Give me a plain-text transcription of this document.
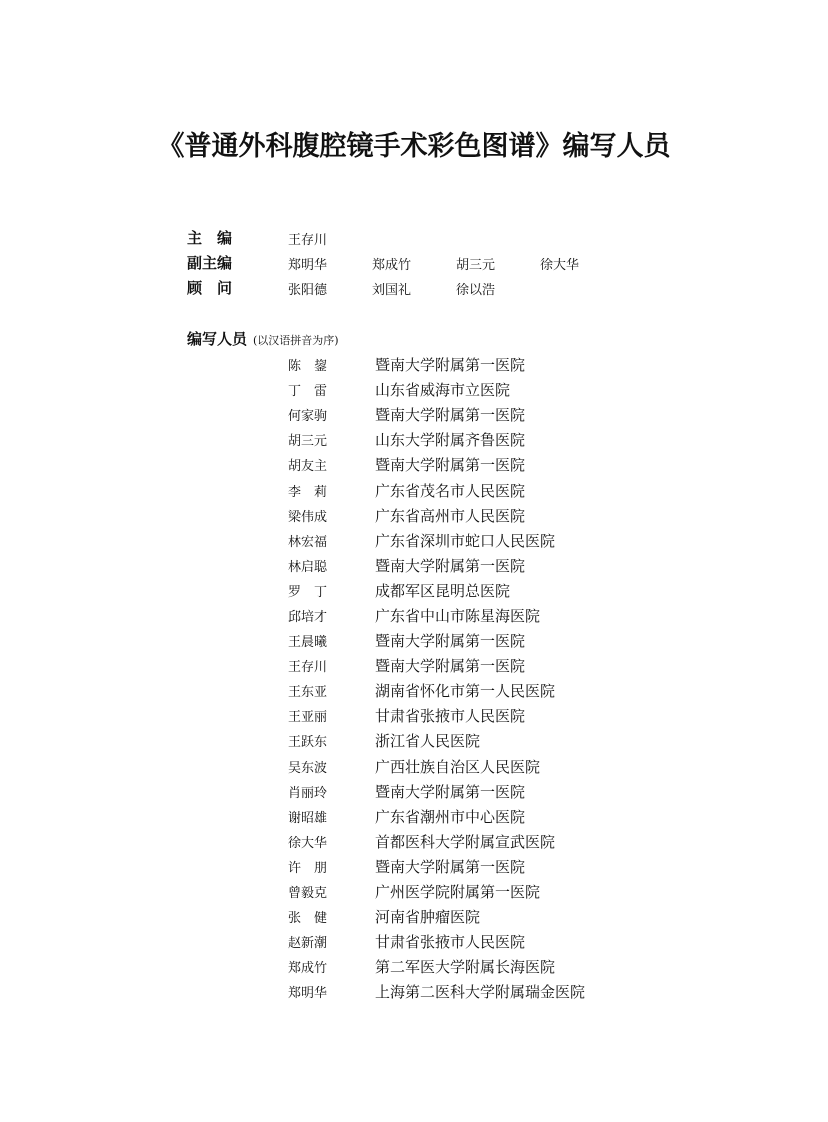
《普通外科腹腔镜手术彩色图谱》编写人员
主　编	王存川
副主编	郑明华	郑成竹	胡三元	徐大华
顾　问	张阳德	刘国礼	徐以浩
编写人员 (以汉语拼音为序)
陈　鋆	暨南大学附属第一医院
丁　雷	山东省威海市立医院
何家驹	暨南大学附属第一医院
胡三元	山东大学附属齐鲁医院
胡友主	暨南大学附属第一医院
李　莉	广东省茂名市人民医院
梁伟成	广东省高州市人民医院
林宏福	广东省深圳市蛇口人民医院
林启聪	暨南大学附属第一医院
罗　丁	成都军区昆明总医院
邱培才	广东省中山市陈星海医院
王晨曦	暨南大学附属第一医院
王存川	暨南大学附属第一医院
王东亚	湖南省怀化市第一人民医院
王亚丽	甘肃省张掖市人民医院
王跃东	浙江省人民医院
吴东波	广西壮族自治区人民医院
肖丽玲	暨南大学附属第一医院
谢昭雄	广东省潮州市中心医院
徐大华	首都医科大学附属宣武医院
许　朋	暨南大学附属第一医院
曾毅克	广州医学院附属第一医院
张　健	河南省肿瘤医院
赵新潮	甘肃省张掖市人民医院
郑成竹	第二军医大学附属长海医院
郑明华	上海第二医科大学附属瑞金医院
